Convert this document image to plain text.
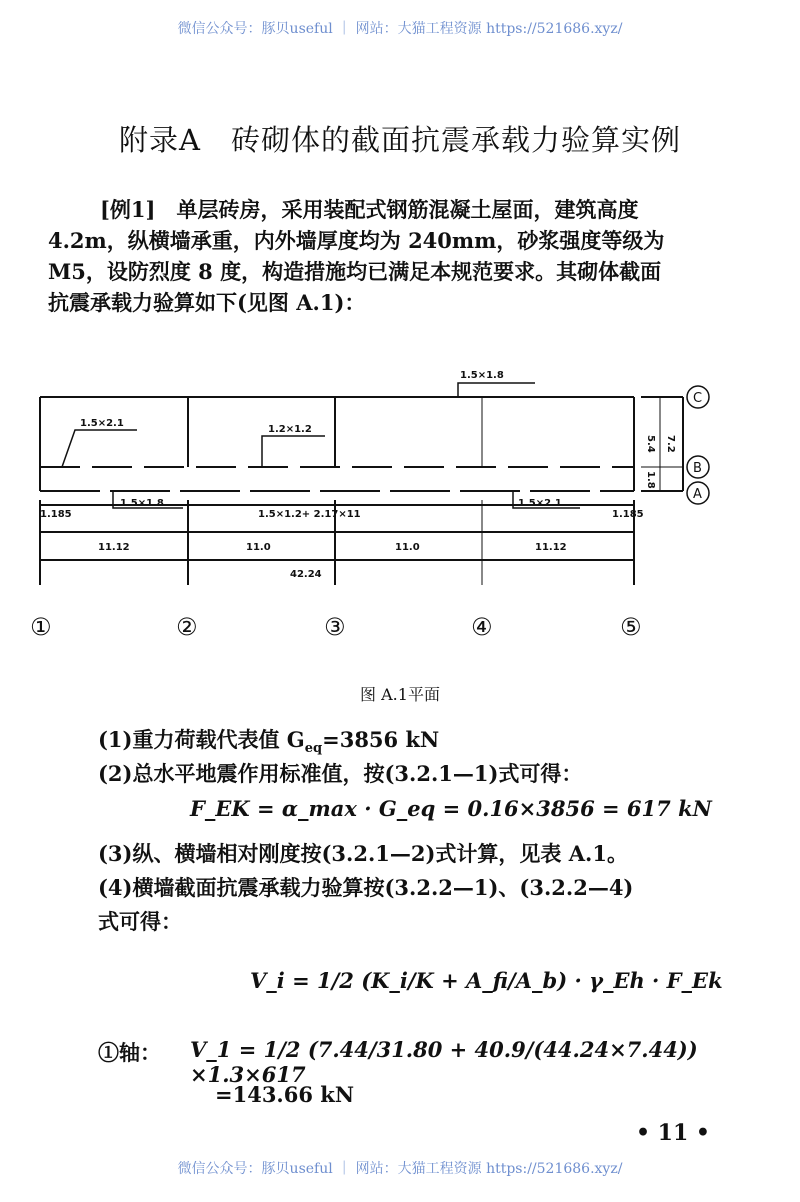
微信公众号：豚贝useful ｜ 网站：大猫工程资源 https://521686.xyz/
附录A　砖砌体的截面抗震承载力验算实例
[例1]　单层砖房，采用装配式钢筋混凝土屋面，建筑高度
4.2m，纵横墙承重，内外墙厚度均为 240mm，砂浆强度等级为
M5，设防烈度 8 度，构造措施均已满足本规范要求。其砌体截面
抗震承载力验算如下(见图 A.1)：
1.5×1.8
1.5×2.1
1.2×1.2
1.5×1.8
1.5×1.2+ 2.17×11
1.5×2.1
1.185	1.185
11.12	11.0	11.0	11.12
42.24
5.4
1.8
7.2
C
B
A
①	②	③	④	⑤
图 A.1平面
(1)重力荷载代表值 $G_{eq}=3856$ kN
(2)总水平地震作用标准值，按(3.2.1—1)式可得：
F_EK = α_max · G_eq = 0.16×3856 = 617 kN
(3)纵、横墙相对刚度按(3.2.1—2)式计算，见表 A.1。
(4)横墙截面抗震承载力验算按(3.2.2—1)、(3.2.2—4)
式可得：
V_i = 1/2 (K_i/K + A_fi/A_b) · γ_Eh · F_Ek
①轴： V_1 = 1/2 (7.44/31.80 + 40.9/(44.24×7.44)) ×1.3×617
=143.66 kN
• 11 •
微信公众号：豚贝useful ｜ 网站：大猫工程资源 https://521686.xyz/
